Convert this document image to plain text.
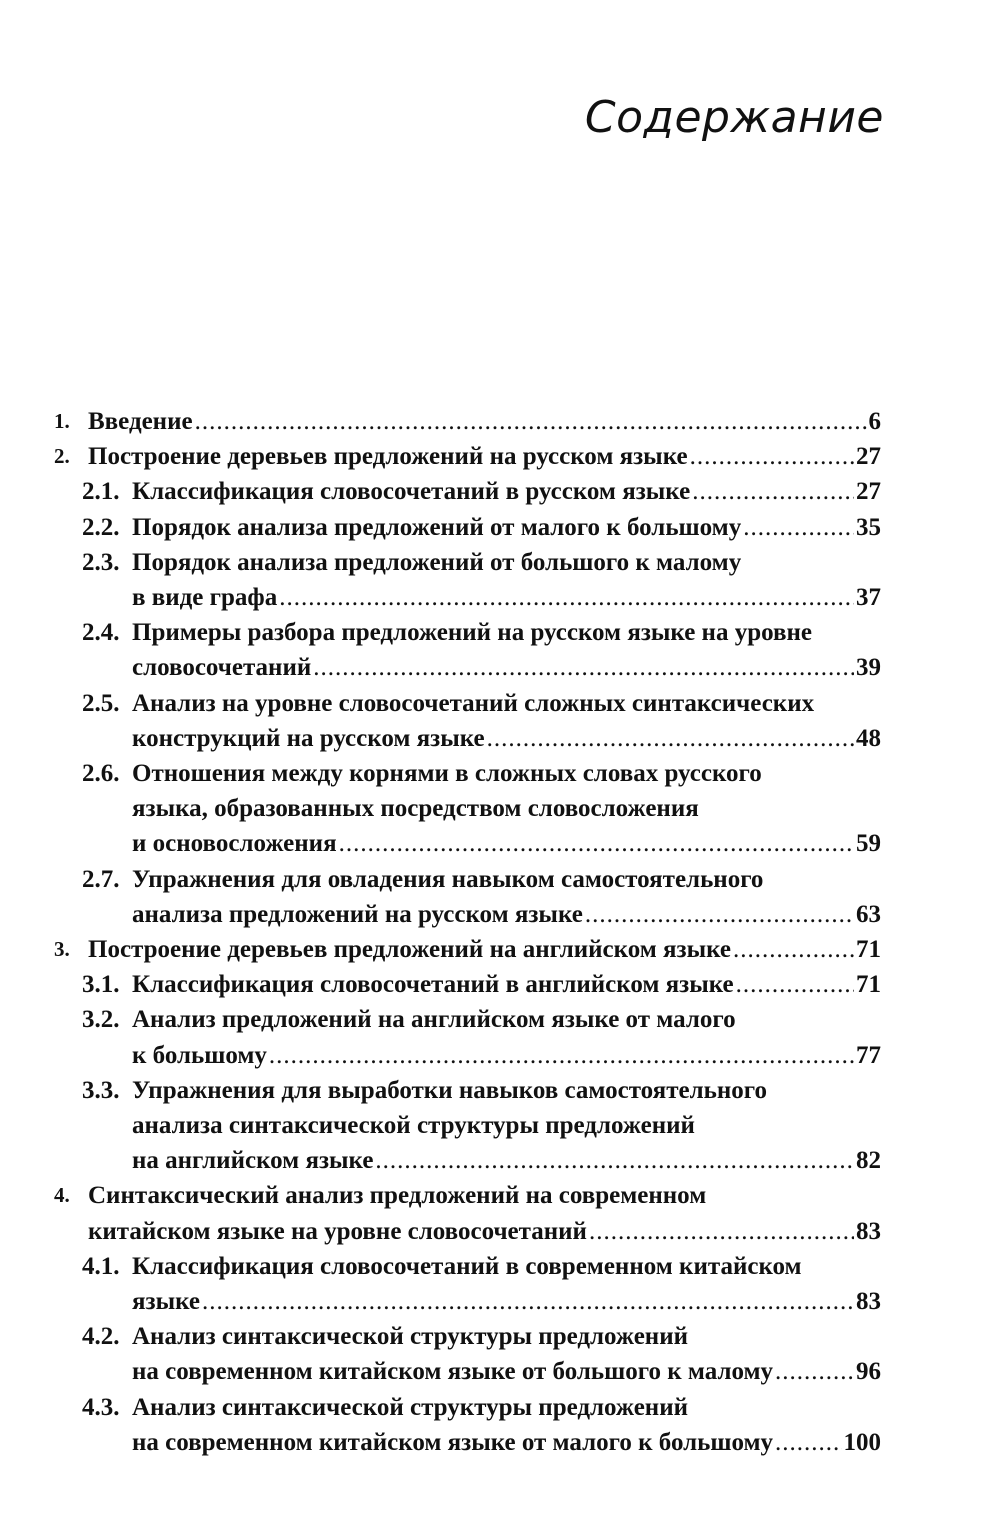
Содержание
1. Введение .....	6
2. Построение деревьев предложений на русском языке .....	27
2.1. Классификация словосочетаний в русском языке .....	27
2.2. Порядок анализа предложений от малого к большому .....	35
2.3. Порядок анализа предложений от большого к малому
в виде графа .....	37
2.4. Примеры разбора предложений на русском языке на уровне
словосочетаний .....	39
2.5. Анализ на уровне словосочетаний сложных синтаксических
конструкций на русском языке .....	48
2.6. Отношения между корнями в сложных словах русского
языка, образованных посредством словосложения
и основосложения .....	59
2.7. Упражнения для овладения навыком самостоятельного
анализа предложений на русском языке .....	63
3. Построение деревьев предложений на английском языке .....	71
3.1. Классификация словосочетаний в английском языке .....	71
3.2. Анализ предложений на английском языке от малого
к большому .....	77
3.3. Упражнения для выработки навыков самостоятельного
анализа синтаксической структуры предложений
на английском языке .....	82
4. Синтаксический анализ предложений на современном
китайском языке на уровне словосочетаний .....	83
4.1. Классификация словосочетаний в современном китайском
языке .....	83
4.2. Анализ синтаксической структуры предложений
на современном китайском языке от большого к малому .....	96
4.3. Анализ синтаксической структуры предложений
на современном китайском языке от малого к большому .....	100
